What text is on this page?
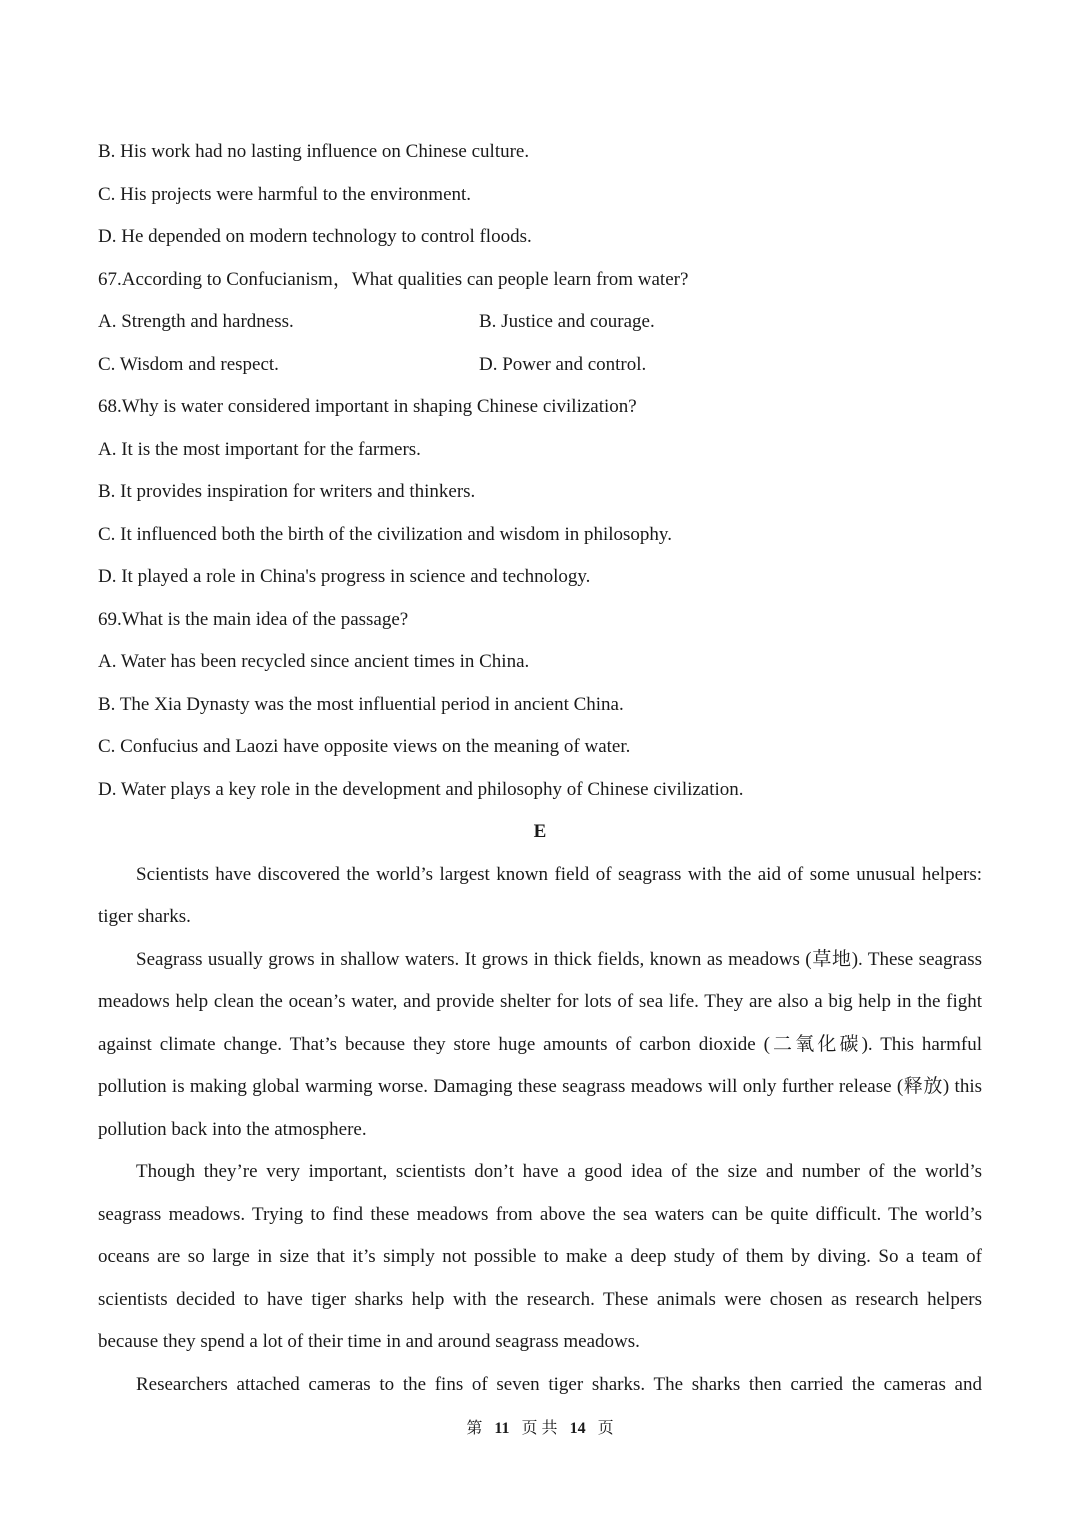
B. His work had no lasting influence on Chinese culture.
C. His projects were harmful to the environment.
D. He depended on modern technology to control floods.
67.According to Confucianism，What qualities can people learn from water?
A. Strength and hardness.	B. Justice and courage.
C. Wisdom and respect.	D. Power and control.
68.Why is water considered important in shaping Chinese civilization?
A. It is the most important for the farmers.
B. It provides inspiration for writers and thinkers.
C. It influenced both the birth of the civilization and wisdom in philosophy.
D. It played a role in China's progress in science and technology.
69.What is the main idea of the passage?
A. Water has been recycled since ancient times in China.
B. The Xia Dynasty was the most influential period in ancient China.
C. Confucius and Laozi have opposite views on the meaning of water.
D. Water plays a key role in the development and philosophy of Chinese civilization.
E
Scientists have discovered the world’s largest known field of seagrass with the aid of some unusual helpers:
tiger sharks.
Seagrass usually grows in shallow waters. It grows in thick fields, known as meadows (草地). These seagrass
meadows help clean the ocean’s water, and provide shelter for lots of sea life. They are also a big help in the fight
against climate change. That’s because they store huge amounts of carbon dioxide (二氧化碳). This harmful
pollution is making global warming worse. Damaging these seagrass meadows will only further release (释放) this
pollution back into the atmosphere.
Though they’re very important, scientists don’t have a good idea of the size and number of the world’s
seagrass meadows. Trying to find these meadows from above the sea waters can be quite difficult. The world’s
oceans are so large in size that it’s simply not possible to make a deep study of them by diving. So a team of
scientists decided to have tiger sharks help with the research. These animals were chosen as research helpers
because they spend a lot of their time in and around seagrass meadows.
Researchers attached cameras to the fins of seven tiger sharks. The sharks then carried the cameras and
第 11 页 共 14 页
